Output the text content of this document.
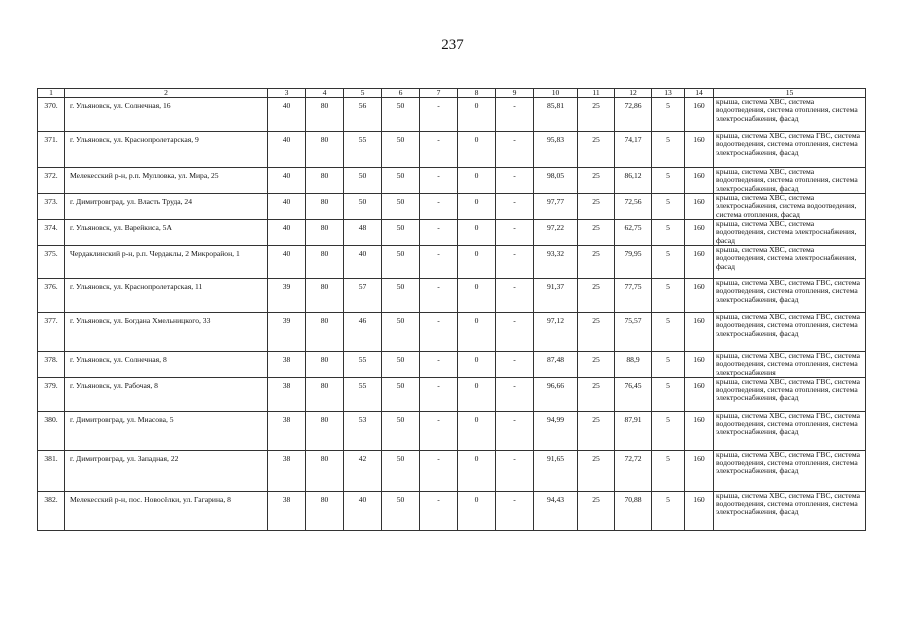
237
1	2	3	4	5	6	7	8	9	10	11	12	13	14	15
370.	г. Ульяновск, ул. Солнечная, 16	40	80	56	50	-	0	-	85,81	25	72,86	5	160	крыша, система ХВС, система водоотведения, система отопления, система электроснабжения, фасад
371.	г. Ульяновск, ул. Краснопролетарская, 9	40	80	55	50	-	0	-	95,83	25	74,17	5	160	крыша, система ХВС, система ГВС, система водоотведения, система отопления, система электроснабжения, фасад
372.	Мелекесский р-н, р.п. Мулловка, ул. Мира, 25	40	80	50	50	-	0	-	98,05	25	86,12	5	160	крыша, система ХВС, система водоотведения, система отопления, система электроснабжения, фасад
373.	г. Димитровград, ул. Власть Труда, 24	40	80	50	50	-	0	-	97,77	25	72,56	5	160	крыша, система ХВС, система электроснабжения, система водоотведения, система отопления, фасад
374.	г. Ульяновск, ул. Варейкиса, 5А	40	80	48	50	-	0	-	97,22	25	62,75	5	160	крыша, система ХВС, система водоотведения, система электроснабжения, фасад
375.	Чердаклинский р-н, р.п. Чердаклы, 2 Микрорайон, 1	40	80	40	50	-	0	-	93,32	25	79,95	5	160	крыша, система ХВС, система водоотведения, система электроснабжения, фасад
376.	г. Ульяновск, ул. Краснопролетарская, 11	39	80	57	50	-	0	-	91,37	25	77,75	5	160	крыша, система ХВС, система ГВС, система водоотведения, система отопления, система электроснабжения, фасад
377.	г. Ульяновск, ул. Богдана Хмельницкого, 33	39	80	46	50	-	0	-	97,12	25	75,57	5	160	крыша, система ХВС, система ГВС, система водоотведения, система отопления, система электроснабжения, фасад
378.	г. Ульяновск, ул. Солнечная, 8	38	80	55	50	-	0	-	87,48	25	88,9	5	160	крыша, система ХВС, система ГВС, система водоотведения, система отопления, система электроснабжения
379.	г. Ульяновск, ул. Рабочая, 8	38	80	55	50	-	0	-	96,66	25	76,45	5	160	крыша, система ХВС, система ГВС, система водоотведения, система отопления, система электроснабжения, фасад
380.	г. Димитровград, ул. Миасова, 5	38	80	53	50	-	0	-	94,99	25	87,91	5	160	крыша, система ХВС, система ГВС, система водоотведения, система отопления, система электроснабжения, фасад
381.	г. Димитровград, ул. Западная, 22	38	80	42	50	-	0	-	91,65	25	72,72	5	160	крыша, система ХВС, система ГВС, система водоотведения, система отопления, система электроснабжения, фасад
382.	Мелекесский р-н, пос. Новосёлки, ул. Гагарина, 8	38	80	40	50	-	0	-	94,43	25	70,88	5	160	крыша, система ХВС, система ГВС, система водоотведения, система отопления, система электроснабжения, фасад
